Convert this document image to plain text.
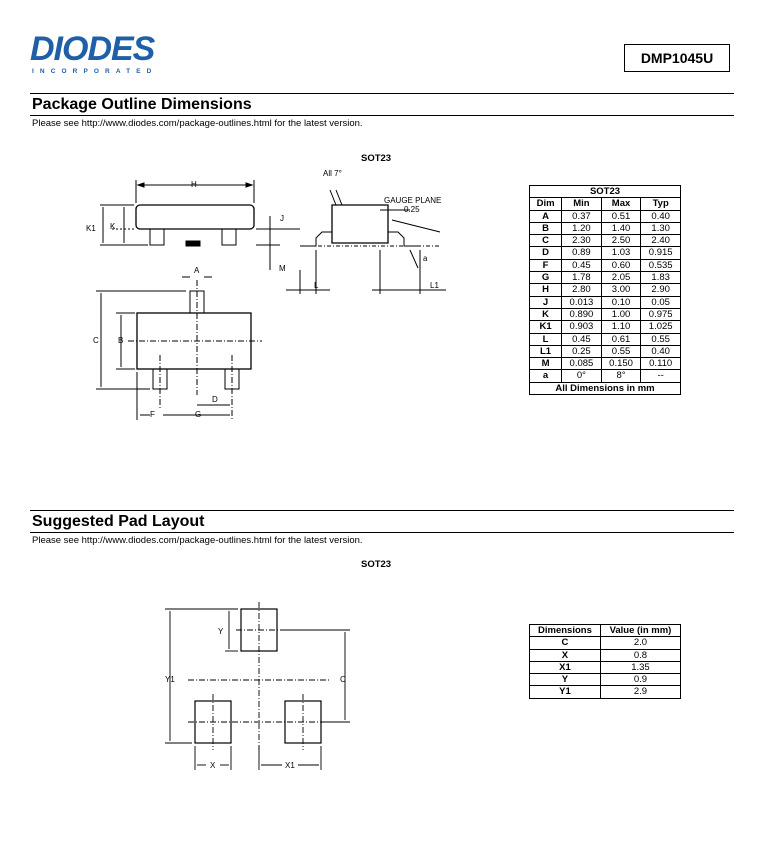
DIODES
INCORPORATED
DMP1045U
Package Outline Dimensions
Please see http://www.diodes.com/package-outlines.html for the latest version.
SOT23
All 7°
GAUGE PLANE
0.25
H
K1 K
J
M
L	L1
a
A
C B
D
F	G
SOT23			
Dim	Min	Max	Typ
A	0.37	0.51	0.40
B	1.20	1.40	1.30
C	2.30	2.50	2.40
D	0.89	1.03	0.915
F	0.45	0.60	0.535
G	1.78	2.05	1.83
H	2.80	3.00	2.90
J	0.013	0.10	0.05
K	0.890	1.00	0.975
K1	0.903	1.10	1.025
L	0.45	0.61	0.55
L1	0.25	0.55	0.40
M	0.085	0.150	0.110
a	0°	8°	--
All Dimensions in mm			
Suggested Pad Layout
Please see http://www.diodes.com/package-outlines.html for the latest version.
SOT23
Y
Y1	C
X	X1
Dimensions	Value (in mm)
C	2.0
X	0.8
X1	1.35
Y	0.9
Y1	2.9
